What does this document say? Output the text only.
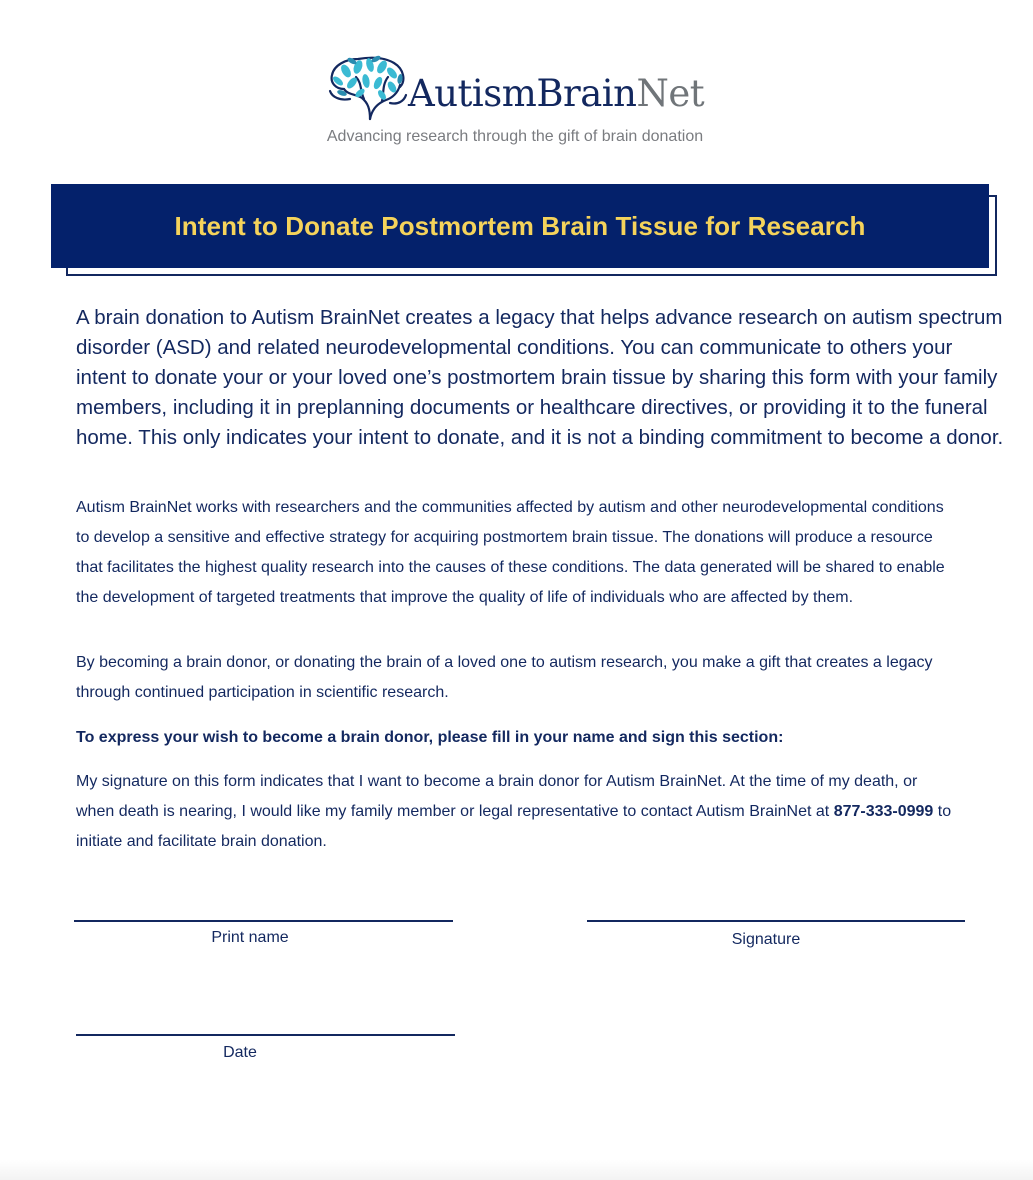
AutismBrainNet
Advancing research through the gift of brain donation
Intent to Donate Postmortem Brain Tissue for Research

A brain donation to Autism BrainNet creates a legacy that helps advance research on autism spectrum disorder (ASD) and related neurodevelopmental conditions. You can communicate to others your intent to donate your or your loved one’s postmortem brain tissue by sharing this form with your family members, including it in preplanning documents or healthcare directives, or providing it to the funeral home. This only indicates your intent to donate, and it is not a binding commitment to become a donor.

Autism BrainNet works with researchers and the communities affected by autism and other neurodevelopmental conditions to develop a sensitive and effective strategy for acquiring postmortem brain tissue. The donations will produce a resource that facilitates the highest quality research into the causes of these conditions. The data generated will be shared to enable the development of targeted treatments that improve the quality of life of individuals who are affected by them.

By becoming a brain donor, or donating the brain of a loved one to autism research, you make a gift that creates a legacy through continued participation in scientific research.

To express your wish to become a brain donor, please fill in your name and sign this section:

My signature on this form indicates that I want to become a brain donor for Autism BrainNet. At the time of my death, or when death is nearing, I would like my family member or legal representative to contact Autism BrainNet at 877-333-0999 to initiate and facilitate brain donation.

Print name	Signature
Date
